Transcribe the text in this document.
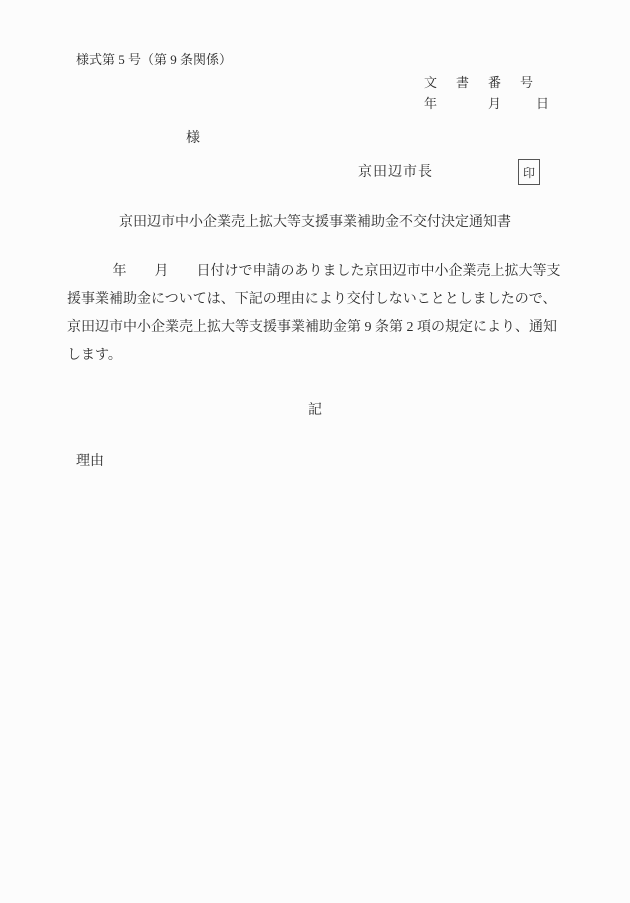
様式第 5 号（第 9 条関係）
文　書　番　号
年　　　月　　日
様
京田辺市長	印
京田辺市中小企業売上拡大等支援事業補助金不交付決定通知書
　　　 年　　月　　日付けで申請のありました京田辺市中小企業売上拡大等支
援事業補助金については、下記の理由により交付しないこととしましたので、
京田辺市中小企業売上拡大等支援事業補助金第 9 条第 2 項の規定により、通知
します。
記
理由
